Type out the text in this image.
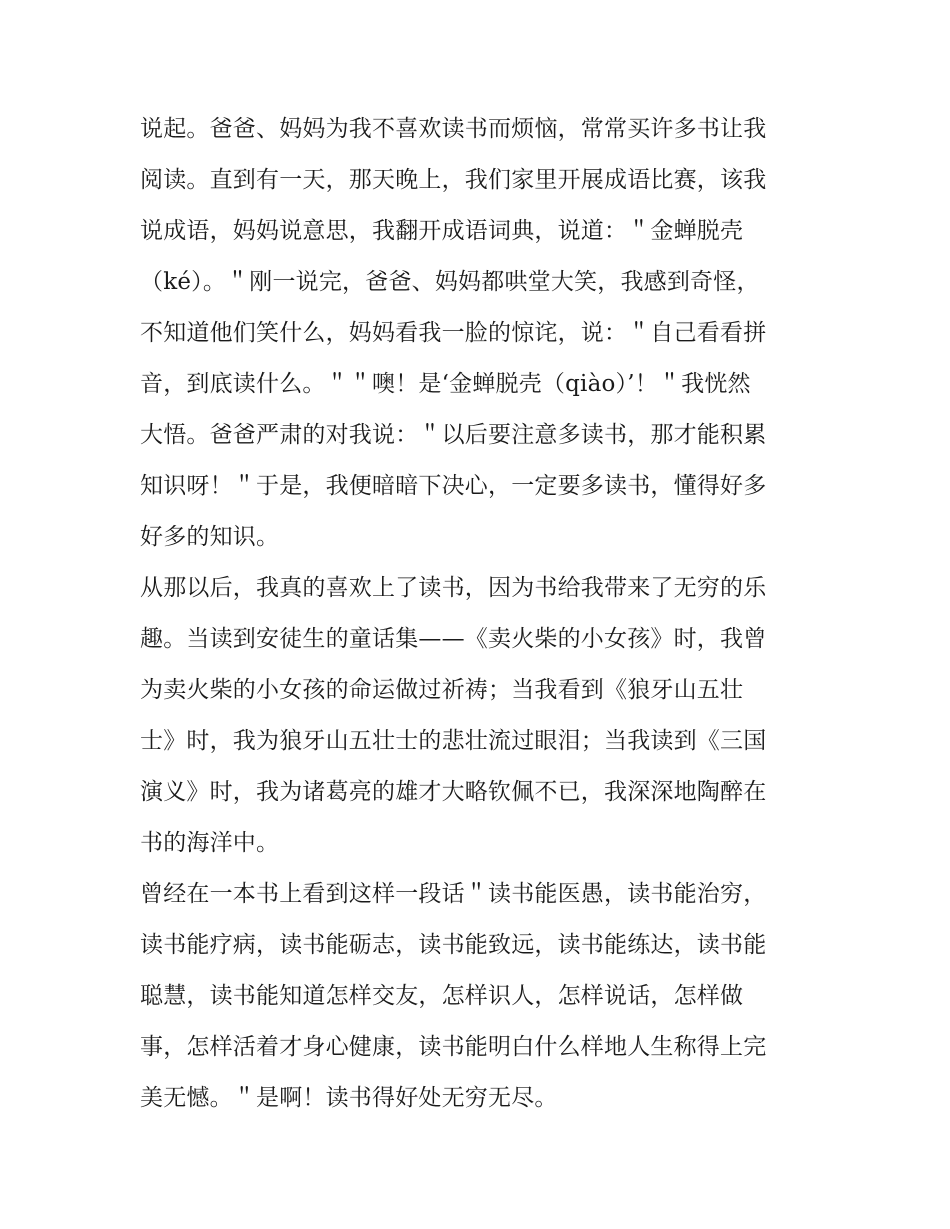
说起。爸爸、妈妈为我不喜欢读书而烦恼，常常买许多书让我
阅读。直到有一天，那天晚上，我们家里开展成语比赛，该我
说成语，妈妈说意思，我翻开成语词典，说道：＂金蝉脱壳
（ké）。＂刚一说完，爸爸、妈妈都哄堂大笑，我感到奇怪，
不知道他们笑什么，妈妈看我一脸的惊诧，说：＂自己看看拼
音，到底读什么。＂＂噢！是‘金蝉脱壳（qiào）’！＂我恍然
大悟。爸爸严肃的对我说：＂以后要注意多读书，那才能积累
知识呀！＂于是，我便暗暗下决心，一定要多读书，懂得好多
好多的知识。
从那以后，我真的喜欢上了读书，因为书给我带来了无穷的乐
趣。当读到安徒生的童话集——《卖火柴的小女孩》时，我曾
为卖火柴的小女孩的命运做过祈祷；当我看到《狼牙山五壮
士》时，我为狼牙山五壮士的悲壮流过眼泪；当我读到《三国
演义》时，我为诸葛亮的雄才大略钦佩不已，我深深地陶醉在
书的海洋中。
曾经在一本书上看到这样一段话＂读书能医愚，读书能治穷，
读书能疗病，读书能砺志，读书能致远，读书能练达，读书能
聪慧，读书能知道怎样交友，怎样识人，怎样说话，怎样做
事，怎样活着才身心健康，读书能明白什么样地人生称得上完
美无憾。＂是啊！读书得好处无穷无尽。
